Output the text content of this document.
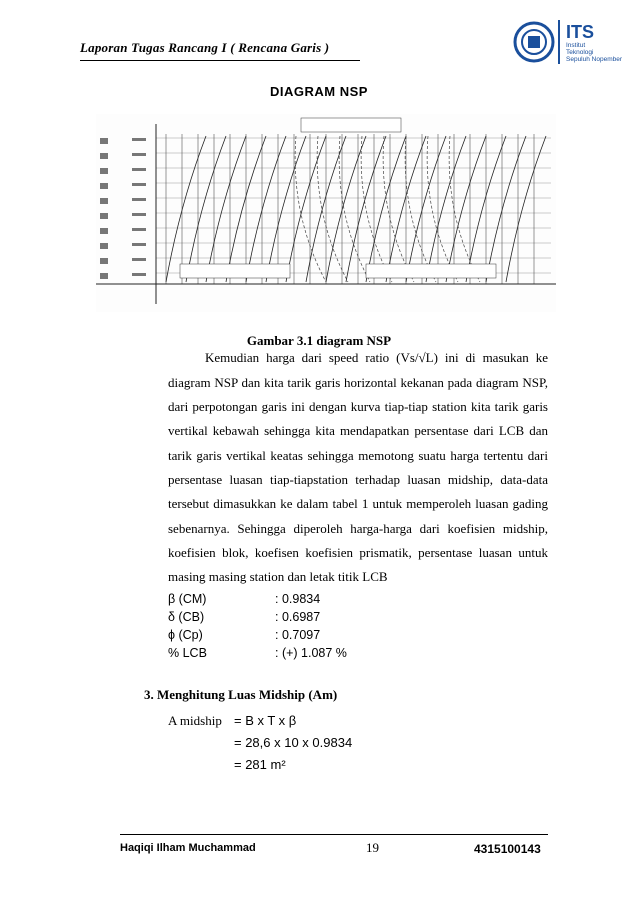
Laporan Tugas Rancang I ( Rencana Garis )
ITS
Institut
Teknologi
Sepuluh Nopember
DIAGRAM NSP
Gambar 3.1 diagram NSP
Kemudian harga dari speed ratio (Vs/√L) ini di masukan ke
diagram NSP dan kita tarik garis horizontal kekanan pada diagram NSP,
dari perpotongan garis ini dengan kurva tiap-tiap station kita tarik garis
vertikal kebawah sehingga kita mendapatkan persentase dari LCB dan
tarik garis vertikal keatas sehingga memotong suatu harga tertentu dari
persentase luasan tiap-tiapstation terhadap luasan midship, data-data
tersebut dimasukkan ke dalam tabel 1 untuk memperoleh luasan gading
sebenarnya. Sehingga diperoleh harga-harga dari koefisien midship,
koefisien blok, koefisen koefisien prismatik, persentase luasan untuk
masing masing station dan letak titik LCB
β (CM)	: 0.9834
δ (CB)	: 0.6987
ϕ (Cp)	: 0.7097
% LCB	: (+) 1.087 %
3. Menghitung Luas Midship (Am)
A midship = B x T x β
= 28,6 x 10 x 0.9834
= 281 m²
Haqiqi Ilham Muchammad	19	4315100143
